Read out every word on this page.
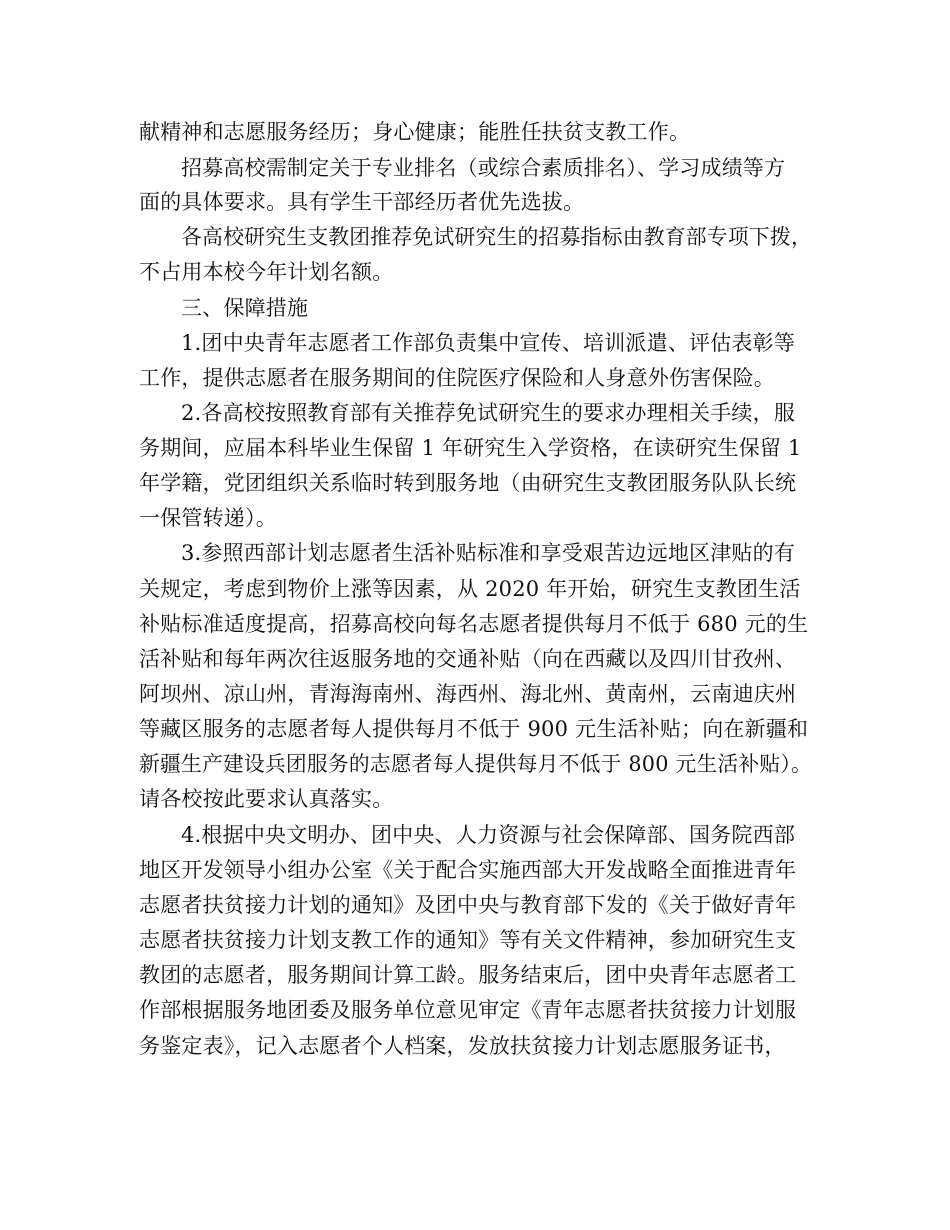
献精神和志愿服务经历；身心健康；能胜任扶贫支教工作。
招募高校需制定关于专业排名（或综合素质排名）、学习成绩等方
面的具体要求。具有学生干部经历者优先选拔。
各高校研究生支教团推荐免试研究生的招募指标由教育部专项下拨，
不占用本校今年计划名额。
三、保障措施
1.团中央青年志愿者工作部负责集中宣传、培训派遣、评估表彰等
工作，提供志愿者在服务期间的住院医疗保险和人身意外伤害保险。
2.各高校按照教育部有关推荐免试研究生的要求办理相关手续，服
务期间，应届本科毕业生保留 1 年研究生入学资格，在读研究生保留 1
年学籍，党团组织关系临时转到服务地（由研究生支教团服务队队长统
一保管转递）。
3.参照西部计划志愿者生活补贴标准和享受艰苦边远地区津贴的有
关规定，考虑到物价上涨等因素，从 2020 年开始，研究生支教团生活
补贴标准适度提高，招募高校向每名志愿者提供每月不低于 680 元的生
活补贴和每年两次往返服务地的交通补贴（向在西藏以及四川甘孜州、
阿坝州、凉山州，青海海南州、海西州、海北州、黄南州，云南迪庆州
等藏区服务的志愿者每人提供每月不低于 900 元生活补贴；向在新疆和
新疆生产建设兵团服务的志愿者每人提供每月不低于 800 元生活补贴）。
请各校按此要求认真落实。
4.根据中央文明办、团中央、人力资源与社会保障部、国务院西部
地区开发领导小组办公室《关于配合实施西部大开发战略全面推进青年
志愿者扶贫接力计划的通知》及团中央与教育部下发的《关于做好青年
志愿者扶贫接力计划支教工作的通知》等有关文件精神，参加研究生支
教团的志愿者，服务期间计算工龄。服务结束后，团中央青年志愿者工
作部根据服务地团委及服务单位意见审定《青年志愿者扶贫接力计划服
务鉴定表》，记入志愿者个人档案，发放扶贫接力计划志愿服务证书，
